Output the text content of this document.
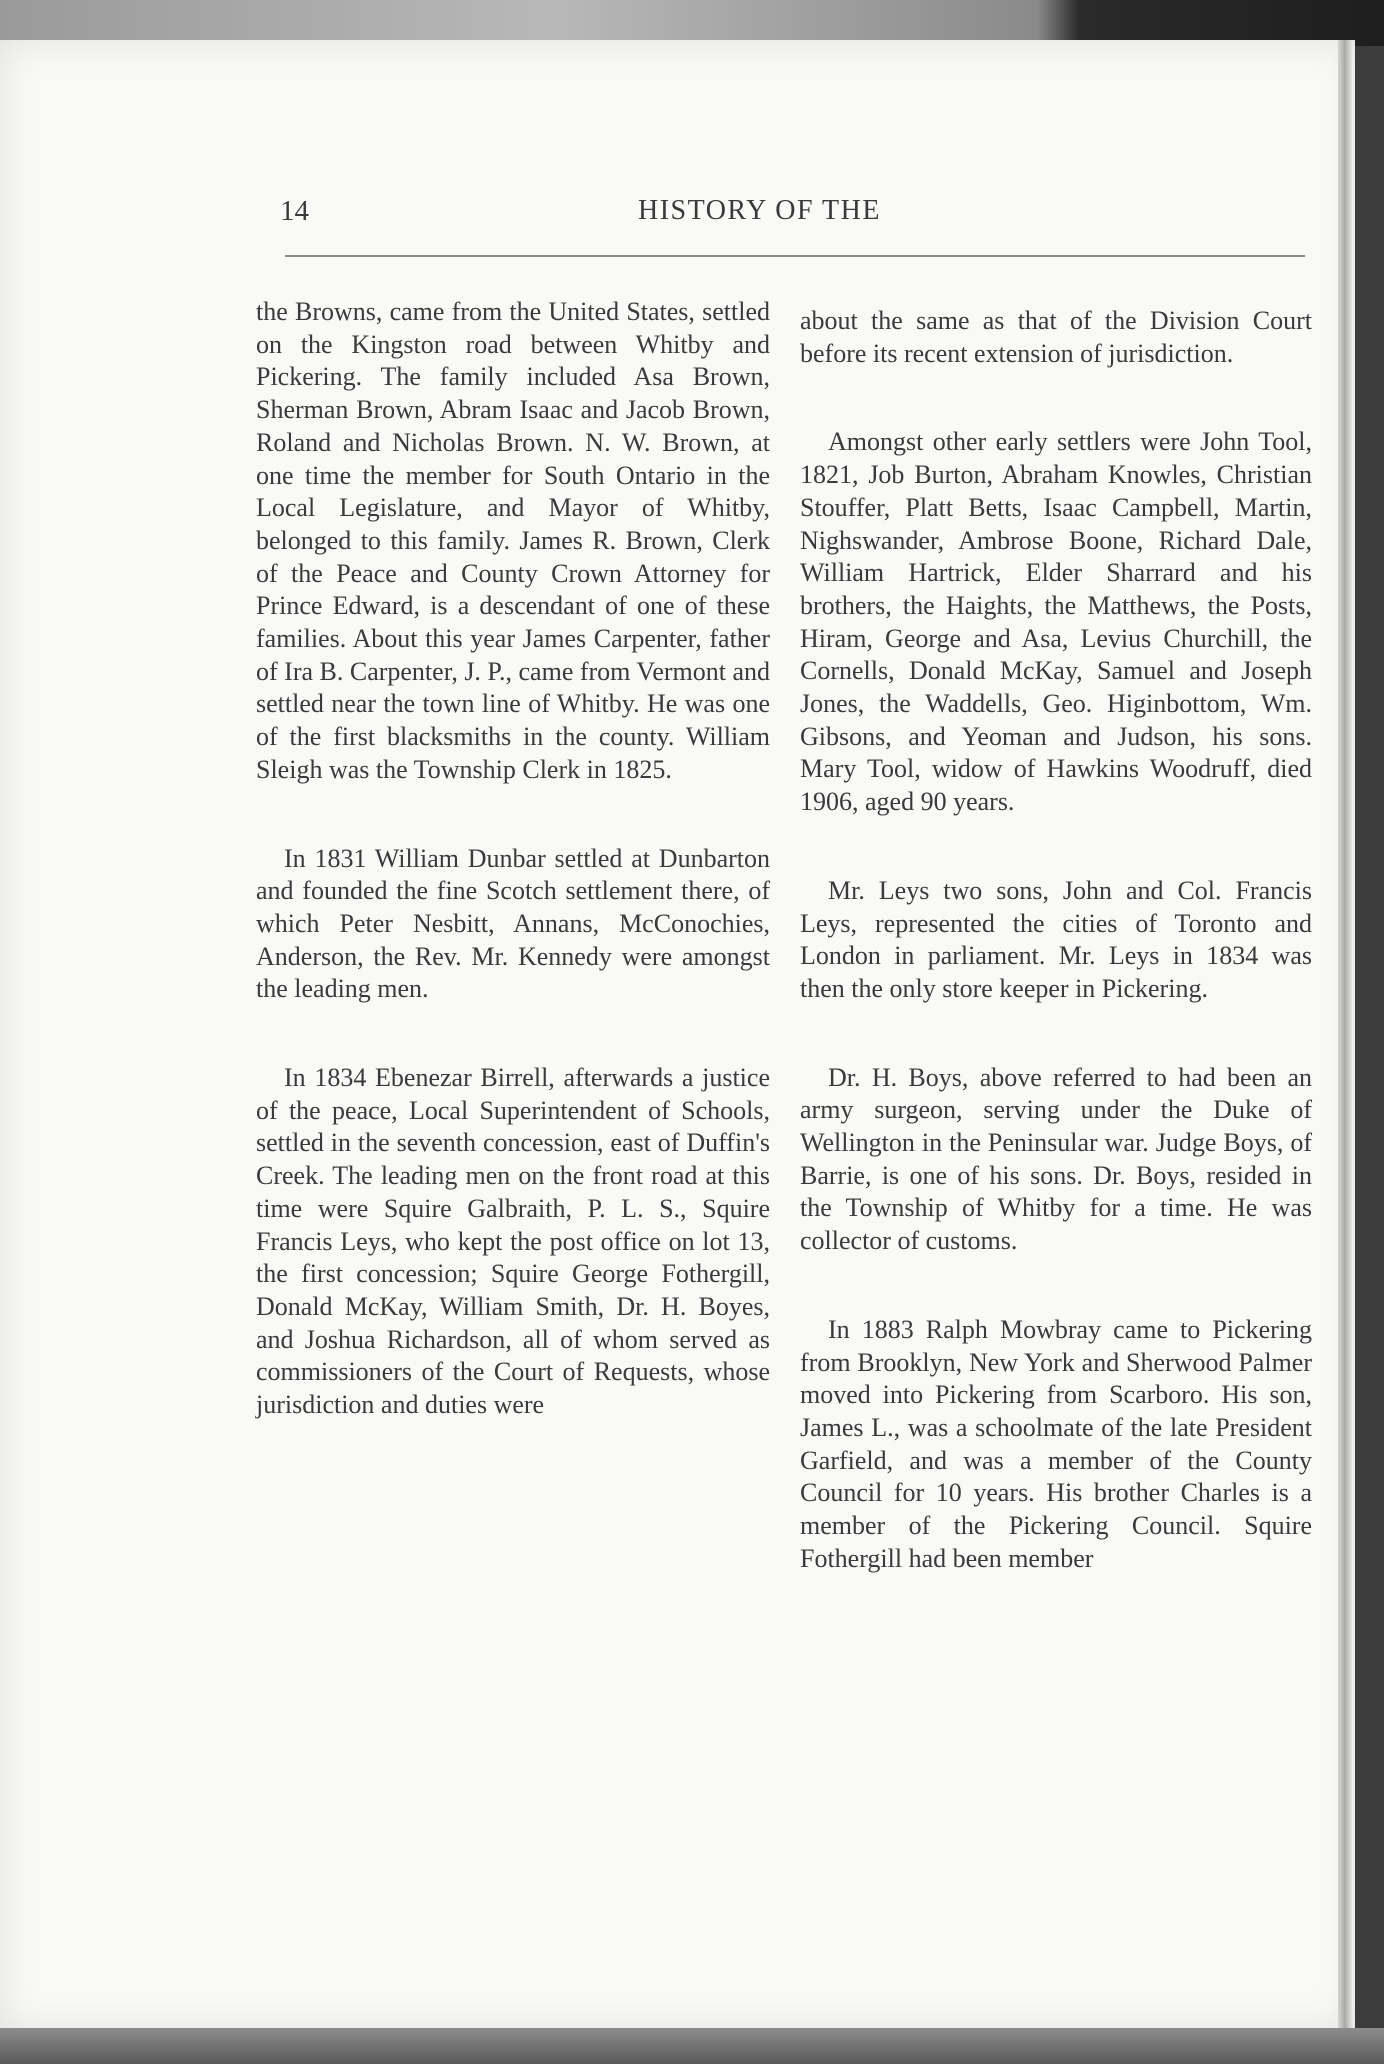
14	HISTORY OF THE

the Browns, came from the United States, settled on the Kingston road between Whitby and Pickering. The family included Asa Brown, Sherman Brown, Abram Isaac and Jacob Brown, Roland and Nicholas Brown. N. W. Brown, at one time the member for South Ontario in the Local Legislature, and Mayor of Whitby, belonged to this family. James R. Brown, Clerk of the Peace and County Crown Attorney for Prince Edward, is a descendant of one of these families. About this year James Carpenter, father of Ira B. Carpenter, J. P., came from Vermont and settled near the town line of Whitby. He was one of the first blacksmiths in the county. William Sleigh was the Township Clerk in 1825.

In 1831 William Dunbar settled at Dunbarton and founded the fine Scotch settlement there, of which Peter Nesbitt, Annans, McConochies, Anderson, the Rev. Mr. Kennedy were amongst the leading men.

In 1834 Ebenezar Birrell, afterwards a justice of the peace, Local Superintendent of Schools, settled in the seventh concession, east of Duffin's Creek. The leading men on the front road at this time were Squire Galbraith, P. L. S., Squire Francis Leys, who kept the post office on lot 13, the first concession; Squire George Fothergill, Donald McKay, William Smith, Dr. H. Boyes, and Joshua Richardson, all of whom served as commissioners of the Court of Requests, whose jurisdiction and duties were

about the same as that of the Division Court before its recent extension of jurisdiction.

Amongst other early settlers were John Tool, 1821, Job Burton, Abraham Knowles, Christian Stouffer, Platt Betts, Isaac Campbell, Martin, Nighswander, Ambrose Boone, Richard Dale, William Hartrick, Elder Sharrard and his brothers, the Haights, the Matthews, the Posts, Hiram, George and Asa, Levius Churchill, the Cornells, Donald McKay, Samuel and Joseph Jones, the Waddells, Geo. Higinbottom, Wm. Gibsons, and Yeoman and Judson, his sons. Mary Tool, widow of Hawkins Woodruff, died 1906, aged 90 years.

Mr. Leys two sons, John and Col. Francis Leys, represented the cities of Toronto and London in parliament. Mr. Leys in 1834 was then the only store keeper in Pickering.

Dr. H. Boys, above referred to had been an army surgeon, serving under the Duke of Wellington in the Peninsular war. Judge Boys, of Barrie, is one of his sons. Dr. Boys, resided in the Township of Whitby for a time. He was collector of customs.

In 1883 Ralph Mowbray came to Pickering from Brooklyn, New York and Sherwood Palmer moved into Pickering from Scarboro. His son, James L., was a schoolmate of the late President Garfield, and was a member of the County Council for 10 years. His brother Charles is a member of the Pickering Council. Squire Fothergill had been member
